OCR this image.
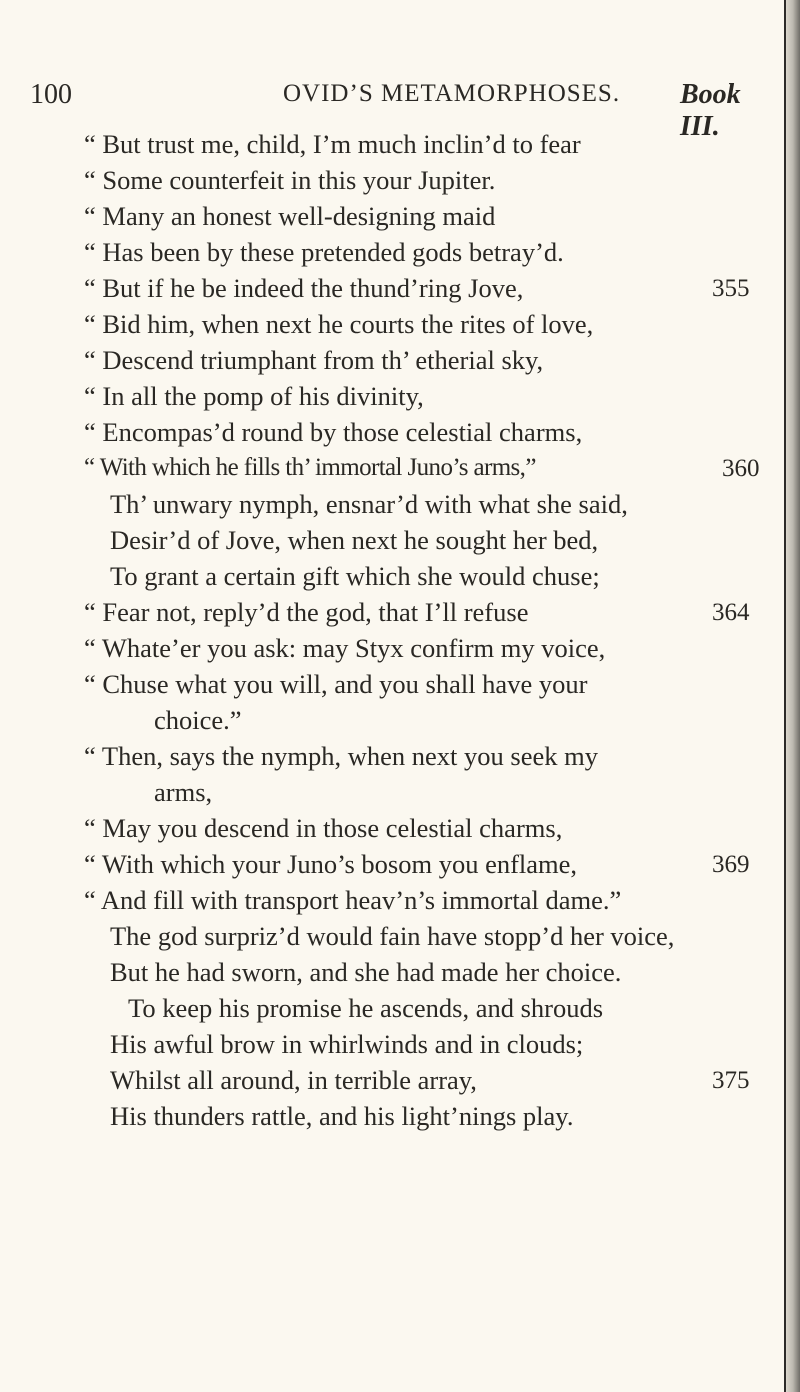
100	OVID’S METAMORPHOSES. Book III.
“ But trust me, child, I’m much inclin’d to fear
“ Some counterfeit in this your Jupiter.
“ Many an honest well-designing maid
“ Has been by these pretended gods betray’d.
“ But if he be indeed the thund’ring Jove,	355
“ Bid him, when next he courts the rites of love,
“ Descend triumphant from th’ etherial sky,
“ In all the pomp of his divinity,
“ Encompas’d round by those celestial charms,
“ With which he fills th’ immortal Juno’s arms,”	360
Th’ unwary nymph, ensnar’d with what she said,
Desir’d of Jove, when next he sought her bed,
To grant a certain gift which she would chuse;
“ Fear not, reply’d the god, that I’ll refuse	364
“ Whate’er you ask: may Styx confirm my voice,
“ Chuse what you will, and you shall have your
choice.”
“ Then, says the nymph, when next you seek my
arms,
“ May you descend in those celestial charms,
“ With which your Juno’s bosom you enflame,	369
“ And fill with transport heav’n’s immortal dame.”
The god surpriz’d would fain have stopp’d her voice,
But he had sworn, and she had made her choice.
To keep his promise he ascends, and shrouds
His awful brow in whirlwinds and in clouds;
Whilst all around, in terrible array,	375
His thunders rattle, and his light’nings play.
